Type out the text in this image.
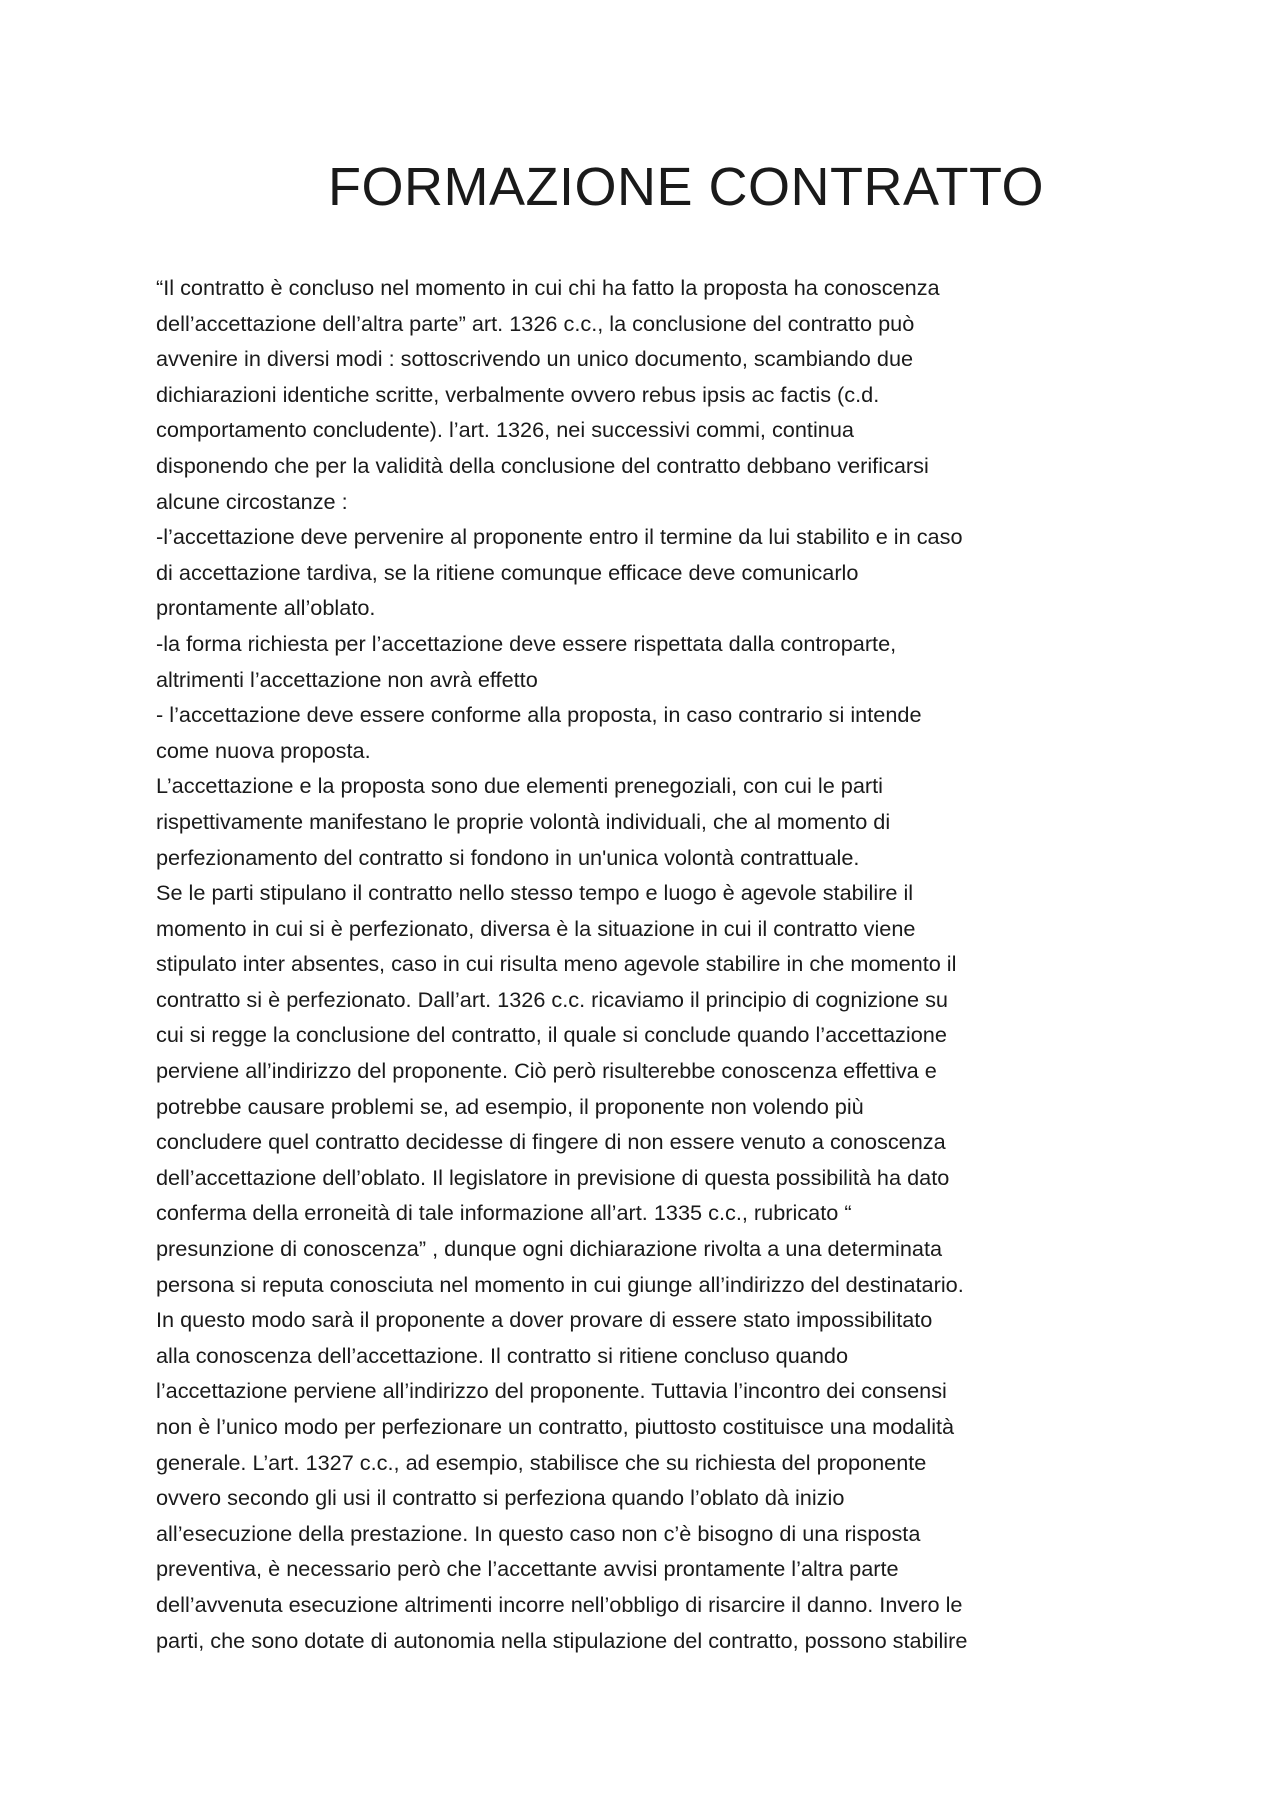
FORMAZIONE CONTRATTO
“Il contratto è concluso nel momento in cui chi ha fatto la proposta ha conoscenza
dell’accettazione dell’altra parte” art. 1326 c.c., la conclusione del contratto può
avvenire in diversi modi : sottoscrivendo un unico documento, scambiando due
dichiarazioni identiche scritte, verbalmente ovvero rebus ipsis ac factis (c.d.
comportamento concludente). l’art. 1326, nei successivi commi, continua
disponendo che per la validità della conclusione del contratto debbano verificarsi
alcune circostanze :
-l’accettazione deve pervenire al proponente entro il termine da lui stabilito e in caso
di accettazione tardiva, se la ritiene comunque efficace deve comunicarlo
prontamente all’oblato.
-la forma richiesta per l’accettazione deve essere rispettata dalla controparte,
altrimenti l’accettazione non avrà effetto
- l’accettazione deve essere conforme alla proposta, in caso contrario si intende
come nuova proposta.
L’accettazione e la proposta sono due elementi prenegoziali, con cui le parti
rispettivamente manifestano le proprie volontà individuali, che al momento di
perfezionamento del contratto si fondono in un'unica volontà contrattuale.
Se le parti stipulano il contratto nello stesso tempo e luogo è agevole stabilire il
momento in cui si è perfezionato, diversa è la situazione in cui il contratto viene
stipulato inter absentes, caso in cui risulta meno agevole stabilire in che momento il
contratto si è perfezionato. Dall’art. 1326 c.c. ricaviamo il principio di cognizione su
cui si regge la conclusione del contratto, il quale si conclude quando l’accettazione
perviene all’indirizzo del proponente. Ciò però risulterebbe conoscenza effettiva e
potrebbe causare problemi se, ad esempio, il proponente non volendo più
concludere quel contratto decidesse di fingere di non essere venuto a conoscenza
dell’accettazione dell’oblato. Il legislatore in previsione di questa possibilità ha dato
conferma della erroneità di tale informazione all’art. 1335 c.c., rubricato “
presunzione di conoscenza” , dunque ogni dichiarazione rivolta a una determinata
persona si reputa conosciuta nel momento in cui giunge all’indirizzo del destinatario.
In questo modo sarà il proponente a dover provare di essere stato impossibilitato
alla conoscenza dell’accettazione. Il contratto si ritiene concluso quando
l’accettazione perviene all’indirizzo del proponente. Tuttavia l’incontro dei consensi
non è l’unico modo per perfezionare un contratto, piuttosto costituisce una modalità
generale. L’art. 1327 c.c., ad esempio, stabilisce che su richiesta del proponente
ovvero secondo gli usi il contratto si perfeziona quando l’oblato dà inizio
all’esecuzione della prestazione. In questo caso non c’è bisogno di una risposta
preventiva, è necessario però che l’accettante avvisi prontamente l’altra parte
dell’avvenuta esecuzione altrimenti incorre nell’obbligo di risarcire il danno. Invero le
parti, che sono dotate di autonomia nella stipulazione del contratto, possono stabilire
